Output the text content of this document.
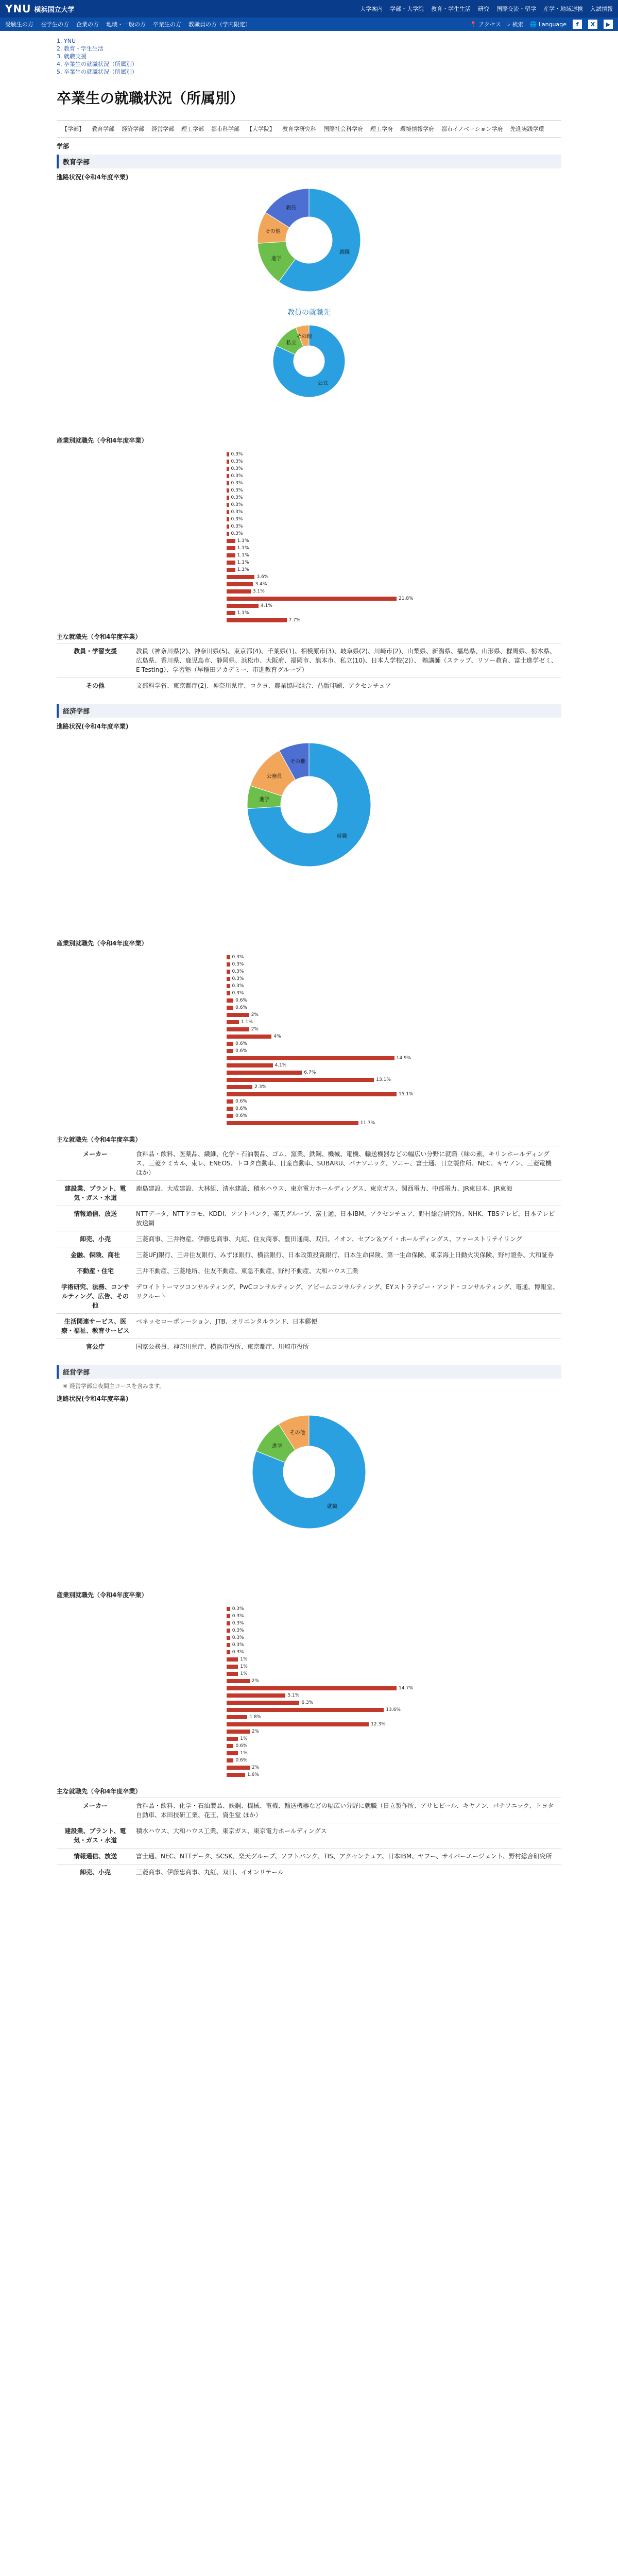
YNU 横浜国立大学	大学案内 学部・大学院 教育・学生生活 研究 国際交流・留学 産学・地域連携 入試情報
受験生の方 在学生の方 企業の方 地域・一般の方 卒業生の方 教職員の方（学内限定）	📍 アクセス ⌕ 検索 🌐 Language	f	X	▶
1. YNU
2. 教育・学生生活
3. 就職支援
4. 卒業生の就職状況（所属別）
5. 卒業生の就職状況（所属別）
卒業生の就職状況（所属別）
【学部】 教育学部 経済学部 経営学部 理工学部 都市科学部 【大学院】 教育学研究科 国際社会科学府 理工学府 環境情報学府 都市イノベーション学府 先進実践学環
学部
教育学部
進路状況(令和4年度卒業)
就職
進学
その他
教員
教員の就職先
公立
私立
その他
産業別就職先（令和4年度卒業）
0.3%
0.3%
0.3%
0.3%
0.3%
0.3%
0.3%
0.3%
0.3%
0.3%
0.3%
0.3%
1.1%
1.1%
1.1%
1.1%
1.1%
3.6%
3.4%
3.1%
21.8%
4.1%
1.1%
7.7%
主な就職先（令和4年度卒業）
教員・学習支援	教員（神奈川県(2)、神奈川県(5)、東京都(4)、千葉県(1)、相模原市(3)、岐阜県(2)、川崎市(2)、山梨県、新潟県、福島県、山形県、群馬県、栃木県、広島県、香川県、鹿児島市、静岡県、浜松市、大阪府、福岡市、熊本市、私立(10)、日本人学校(2)）、 塾講師（ステップ、リソー教育、富士進学ゼミ、E-Testing）、学習塾（早稲田アカデミー、市進教育グループ）
その他	文部科学省、東京都庁(2)、神奈川県庁、コクヨ、農業協同組合、凸版印刷、アクセンチュア
経済学部
進路状況(令和4年度卒業)
就職
進学
公務員
その他
産業別就職先（令和4年度卒業）
0.3%
0.3%
0.3%
0.3%
0.3%
0.3%
0.6%
0.6%
2%
1.1%
2%
4%
0.6%
0.6%
14.9%
4.1%
6.7%
13.1%
2.3%
15.1%
0.6%
0.6%
0.6%
11.7%
主な就職先（令和4年度卒業）
メーカー	食料品・飲料、医薬品、繊維、化学・石油製品、ゴム、窯業、鉄鋼、機械、電機、輸送機器などの幅広い分野に就職（味の素、キリンホールディングス、三菱ケミカル、東レ、ENEOS、トヨタ自動車、日産自動車、SUBARU、パナソニック、ソニー、富士通、日立製作所、NEC、キヤノン、三菱電機 ほか）
建設業、プラント、電気・ガス・水道	鹿島建設、大成建設、大林組、清水建設、積水ハウス、東京電力ホールディングス、東京ガス、関西電力、中部電力、JR東日本、JR東海
情報通信、放送	NTTデータ、NTTドコモ、KDDI、ソフトバンク、楽天グループ、富士通、日本IBM、アクセンチュア、野村総合研究所、NHK、TBSテレビ、日本テレビ放送網
卸売、小売	三菱商事、三井物産、伊藤忠商事、丸紅、住友商事、豊田通商、双日、イオン、セブン＆アイ・ホールディングス、ファーストリテイリング
金融、保険、商社	三菱UFJ銀行、三井住友銀行、みずほ銀行、横浜銀行、日本政策投資銀行、日本生命保険、第一生命保険、東京海上日動火災保険、野村證券、大和証券
不動産・住宅	三井不動産、三菱地所、住友不動産、東急不動産、野村不動産、大和ハウス工業
学術研究、法務、コンサルティング、広告、その他	デロイトトーマツコンサルティング、PwCコンサルティング、アビームコンサルティング、EYストラテジー・アンド・コンサルティング、電通、博報堂、リクルート
生活関連サービス、医療・福祉、教育サービス	ベネッセコーポレーション、JTB、オリエンタルランド、日本郵便
官公庁	国家公務員、神奈川県庁、横浜市役所、東京都庁、川崎市役所
経営学部
※ 経営学部は夜間主コースを含みます。
進路状況(令和4年度卒業)
就職
進学
その他
産業別就職先（令和4年度卒業）
0.3%
0.3%
0.3%
0.3%
0.3%
0.3%
0.3%
1%
1%
1%
2%
14.7%
5.1%
6.3%
13.6%
1.8%
12.3%
2%
1%
0.6%
1%
0.6%
2%
1.6%
主な就職先（令和4年度卒業）
メーカー	食料品・飲料、化学・石油製品、鉄鋼、機械、電機、輸送機器などの幅広い分野に就職（日立製作所、アサヒビール、キヤノン、パナソニック、トヨタ自動車、本田技研工業、花王、資生堂 ほか）
建設業、プラント、電気・ガス・水道	積水ハウス、大和ハウス工業、東京ガス、東京電力ホールディングス
情報通信、放送	富士通、NEC、NTTデータ、SCSK、楽天グループ、ソフトバンク、TIS、アクセンチュア、日本IBM、ヤフー、サイバーエージェント、野村総合研究所
卸売、小売	三菱商事、伊藤忠商事、丸紅、双日、イオンリテール
